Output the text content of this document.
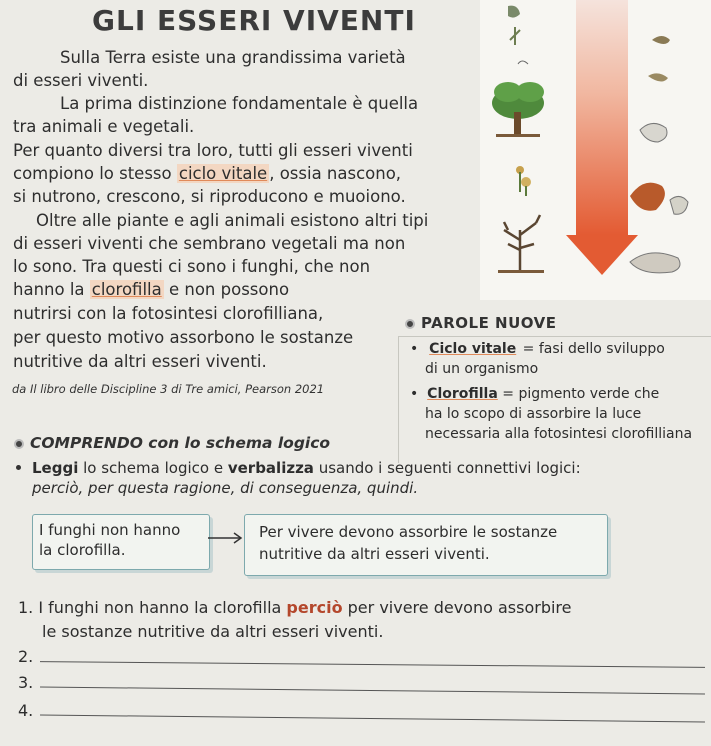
GLI ESSERI VIVENTI
Sulla Terra esiste una grandissima varietà
di esseri viventi.
La prima distinzione fondamentale è quella
tra animali e vegetali.
Per quanto diversi tra loro, tutti gli esseri viventi
compiono lo stesso ciclo vitale , ossia nascono,
si nutrono, crescono, si riproducono e muoiono.
Oltre alle piante e agli animali esistono altri tipi
di esseri viventi che sembrano vegetali ma non
lo sono. Tra questi ci sono i funghi, che non
hanno la clorofilla e non possono
nutrirsi con la fotosintesi clorofilliana,
per questo motivo assorbono le sostanze
nutritive da altri esseri viventi.
da Il libro delle Discipline 3 di Tre amici, Pearson 2021
PAROLE NUOVE
•  Ciclo vitale = fasi dello sviluppo
di un organismo
•  Clorofilla = pigmento verde che
ha lo scopo di assorbire la luce
necessaria alla fotosintesi clorofilliana
COMPRENDO con lo schema logico
Leggi lo schema logico e verbalizza usando i seguenti connettivi logici:
perciò, per questa ragione, di conseguenza, quindi.
I funghi non hanno
la clorofilla.
Per vivere devono assorbire le sostanze
nutritive da altri esseri viventi.
1. I funghi non hanno la clorofilla perciò per vivere devono assorbire
le sostanze nutritive da altri esseri viventi.
2.
3.
4.
